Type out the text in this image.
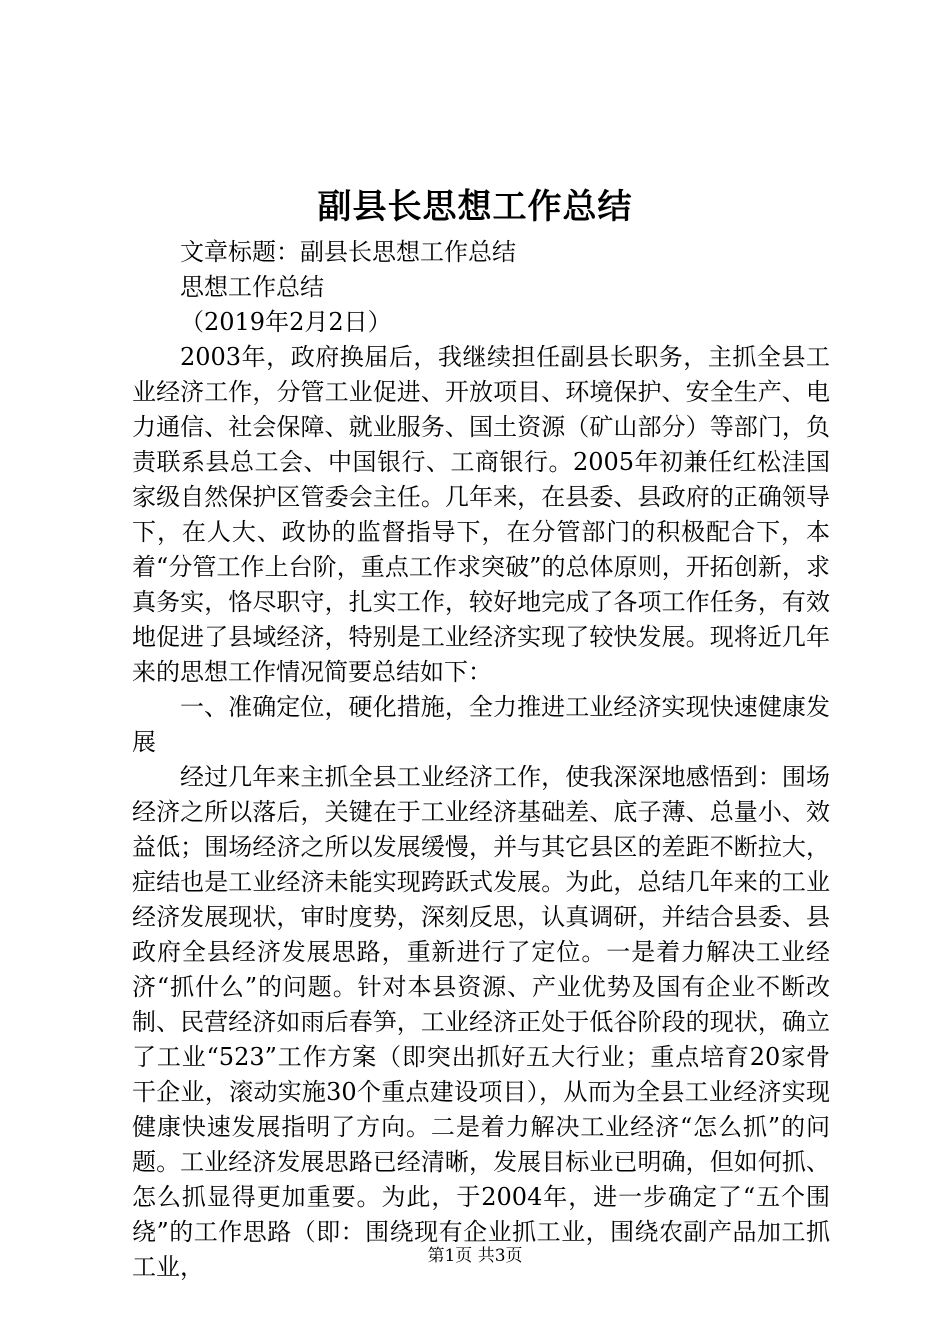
副县长思想工作总结

文章标题：副县长思想工作总结

思想工作总结

（2019年2月2日）

2003年，政府换届后，我继续担任副县长职务，主抓全县工业经济工作，分管工业促进、开放项目、环境保护、安全生产、电力通信、社会保障、就业服务、国土资源（矿山部分）等部门，负责联系县总工会、中国银行、工商银行。2005年初兼任红松洼国家级自然保护区管委会主任。几年来，在县委、县政府的正确领导下，在人大、政协的监督指导下，在分管部门的积极配合下，本着“分管工作上台阶，重点工作求突破”的总体原则，开拓创新，求真务实，恪尽职守，扎实工作，较好地完成了各项工作任务，有效地促进了县域经济，特别是工业经济实现了较快发展。现将近几年来的思想工作情况简要总结如下：

一、准确定位，硬化措施，全力推进工业经济实现快速健康发展

经过几年来主抓全县工业经济工作，使我深深地感悟到：围场经济之所以落后，关键在于工业经济基础差、底子薄、总量小、效益低；围场经济之所以发展缓慢，并与其它县区的差距不断拉大，症结也是工业经济未能实现跨跃式发展。为此，总结几年来的工业经济发展现状，审时度势，深刻反思，认真调研，并结合县委、县政府全县经济发展思路，重新进行了定位。一是着力解决工业经济“抓什么”的问题。针对本县资源、产业优势及国有企业不断改制、民营经济如雨后春笋，工业经济正处于低谷阶段的现状，确立了工业“523”工作方案（即突出抓好五大行业；重点培育20家骨干企业，滚动实施30个重点建设项目），从而为全县工业经济实现健康快速发展指明了方向。二是着力解决工业经济“怎么抓”的问题。工业经济发展思路已经清晰，发展目标业已明确，但如何抓、怎么抓显得更加重要。为此，于2004年，进一步确定了“五个围绕”的工作思路（即：围绕现有企业抓工业，围绕农副产品加工抓工业，	第1页 共3页
